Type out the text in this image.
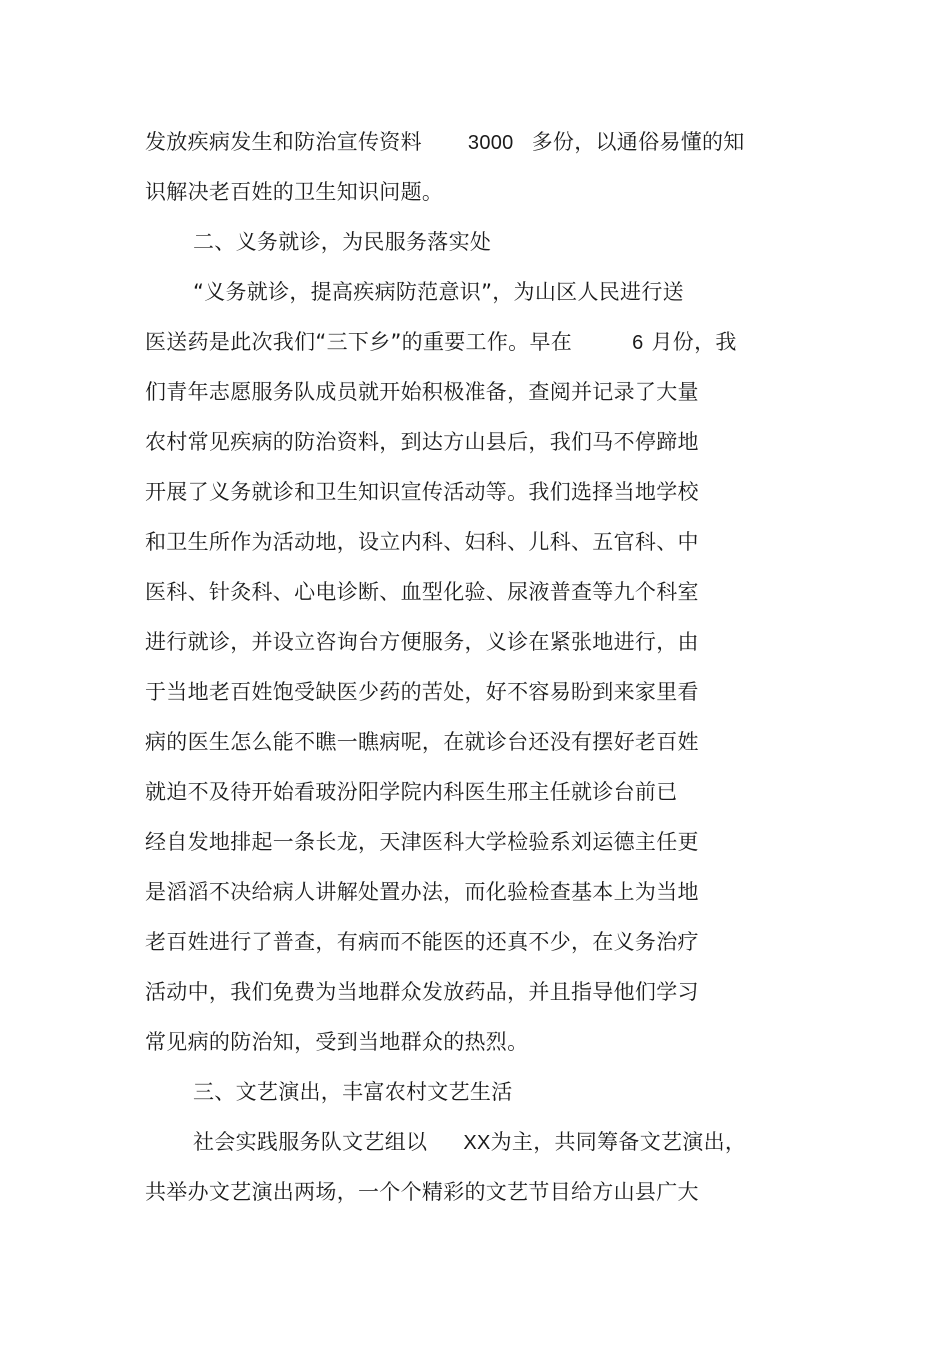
发放疾病发生和防治宣传资料 3000 多份，以通俗易懂的知
识解决老百姓的卫生知识问题。
二、义务就诊，为民服务落实处
“义务就诊，提高疾病防范意识”，为山区人民进行送
医送药是此次我们“三下乡”的重要工作。早在	6 月份，我
们青年志愿服务队成员就开始积极准备，查阅并记录了大量
农村常见疾病的防治资料，到达方山县后，我们马不停蹄地
开展了义务就诊和卫生知识宣传活动等。我们选择当地学校
和卫生所作为活动地，设立内科、妇科、儿科、五官科、中
医科、针灸科、心电诊断、血型化验、尿液普查等九个科室
进行就诊，并设立咨询台方便服务，义诊在紧张地进行，由
于当地老百姓饱受缺医少药的苦处，好不容易盼到来家里看
病的医生怎么能不瞧一瞧病呢，在就诊台还没有摆好老百姓
就迫不及待开始看玻汾阳学院内科医生邢主任就诊台前已
经自发地排起一条长龙，天津医科大学检验系刘运德主任更
是滔滔不决给病人讲解处置办法，而化验检查基本上为当地
老百姓进行了普查，有病而不能医的还真不少，在义务治疗
活动中，我们免费为当地群众发放药品，并且指导他们学习
常见病的防治知，受到当地群众的热烈。
三、文艺演出，丰富农村文艺生活
社会实践服务队文艺组以 XX为主，共同筹备文艺演出，
共举办文艺演出两场，一个个精彩的文艺节目给方山县广大
